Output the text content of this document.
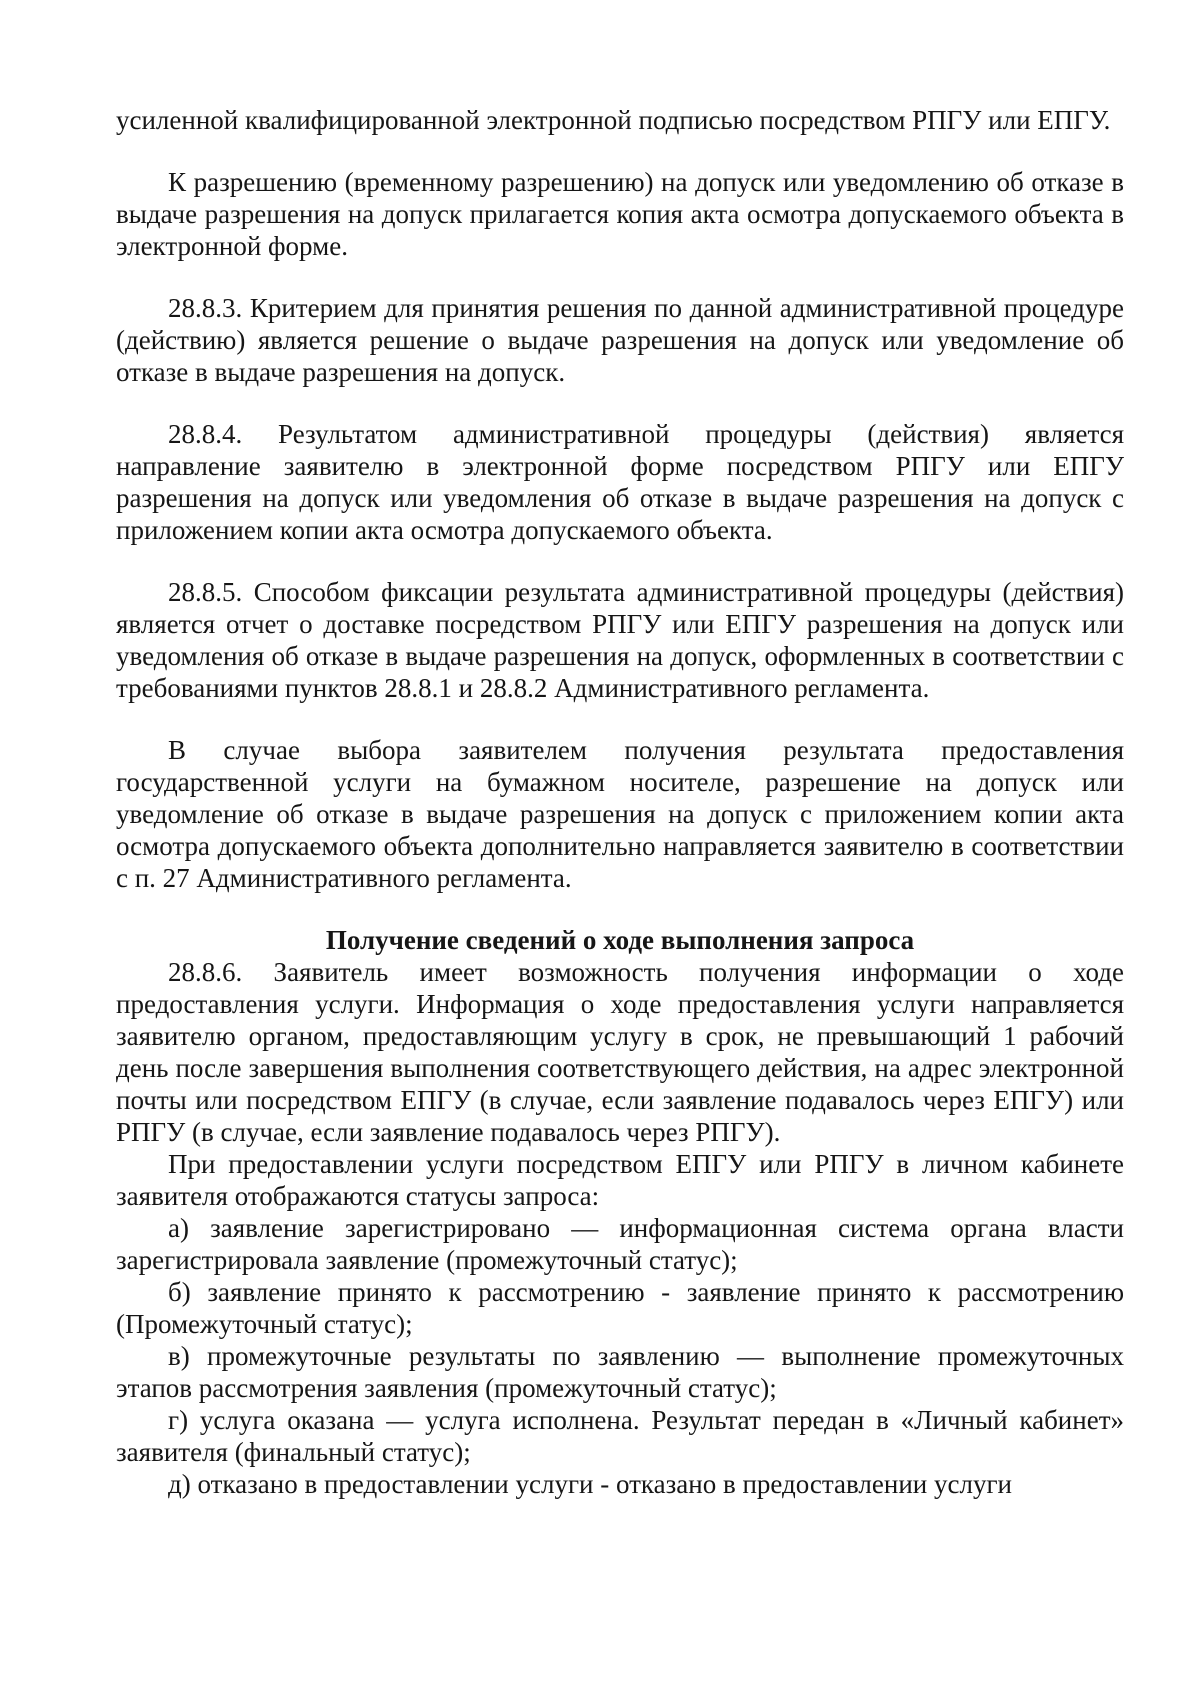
усиленной квалифицированной электронной подписью посредством РПГУ или ЕПГУ.

К разрешению (временному разрешению) на допуск или уведомлению об отказе в выдаче разрешения на допуск прилагается копия акта осмотра допускаемого объекта в электронной форме.

28.8.3. Критерием для принятия решения по данной административной процедуре (действию) является решение о выдаче разрешения на допуск или уведомление об отказе в выдаче разрешения на допуск.

28.8.4. Результатом административной процедуры (действия) является направление заявителю в электронной форме посредством РПГУ или ЕПГУ разрешения на допуск или уведомления об отказе в выдаче разрешения на допуск с приложением копии акта осмотра допускаемого объекта.

28.8.5. Способом фиксации результата административной процедуры (действия) является отчет о доставке посредством РПГУ или ЕПГУ разрешения на допуск или уведомления об отказе в выдаче разрешения на допуск, оформленных в соответствии с требованиями пунктов 28.8.1 и 28.8.2 Административного регламента.

В случае выбора заявителем получения результата предоставления государственной услуги на бумажном носителе, разрешение на допуск или уведомление об отказе в выдаче разрешения на допуск с приложением копии акта осмотра допускаемого объекта дополнительно направляется заявителю в соответствии с п. 27 Административного регламента.

Получение сведений о ходе выполнения запроса

28.8.6. Заявитель имеет возможность получения информации о ходе предоставления услуги. Информация о ходе предоставления услуги направляется заявителю органом, предоставляющим услугу в срок, не превышающий 1 рабочий день после завершения выполнения соответствующего действия, на адрес электронной почты или посредством ЕПГУ (в случае, если заявление подавалось через ЕПГУ) или РПГУ (в случае, если заявление подавалось через РПГУ).

При предоставлении услуги посредством ЕПГУ или РПГУ в личном кабинете заявителя отображаются статусы запроса:

а) заявление зарегистрировано — информационная система органа власти зарегистрировала заявление (промежуточный статус);

б) заявление принято к рассмотрению - заявление принято к рассмотрению (Промежуточный статус);

в) промежуточные результаты по заявлению — выполнение промежуточных этапов рассмотрения заявления (промежуточный статус);

г) услуга оказана — услуга исполнена. Результат передан в «Личный кабинет» заявителя (финальный статус);

д) отказано в предоставлении услуги - отказано в предоставлении услуги
